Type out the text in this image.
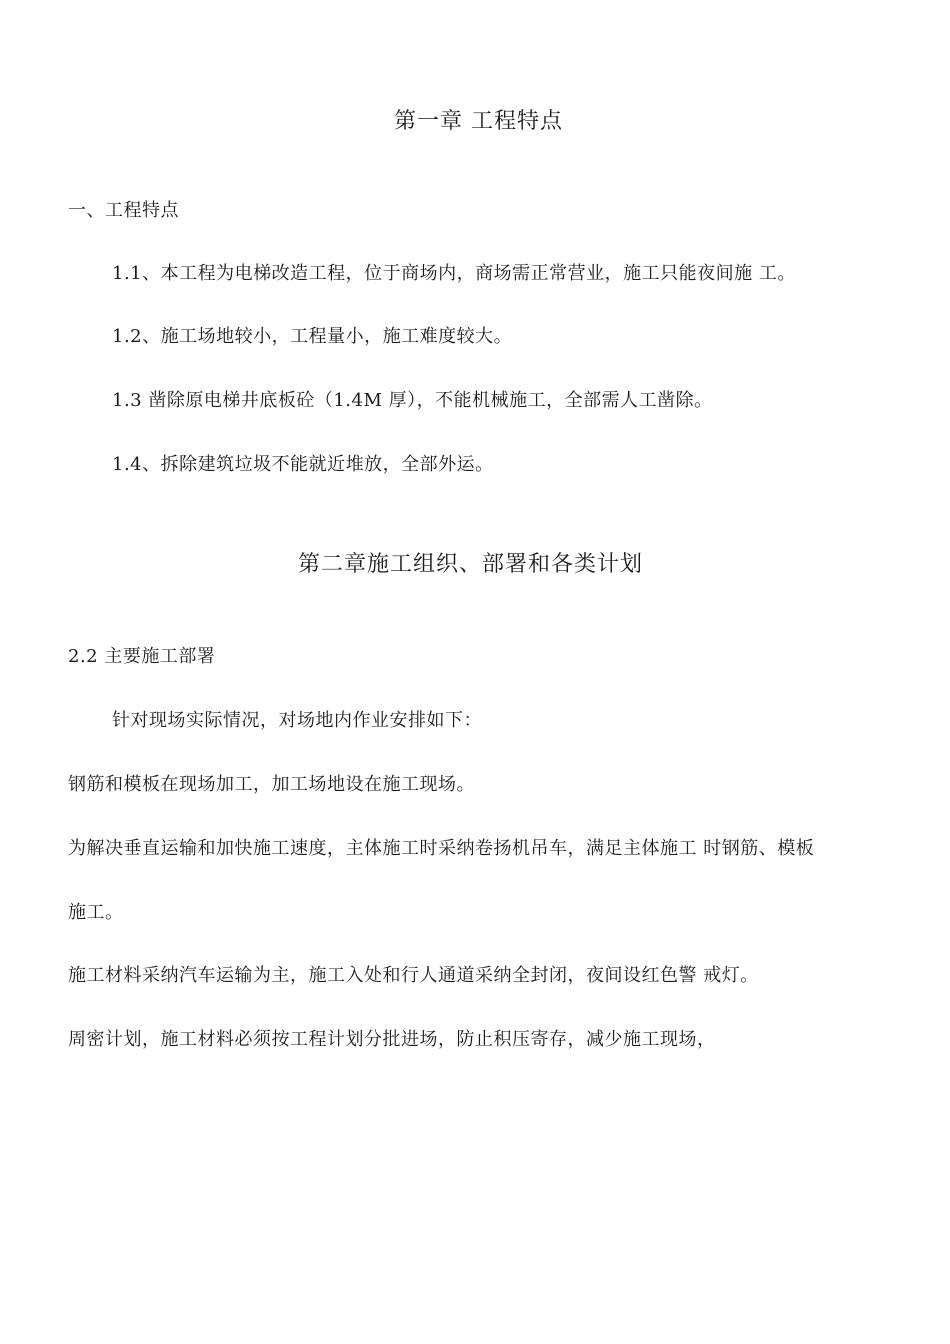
第一章 工程特点
一、工程特点
1.1、本工程为电梯改造工程，位于商场内，商场需正常营业，施工只能夜间施 工。
1.2、施工场地较小，工程量小，施工难度较大。
1.3 凿除原电梯井底板砼（1.4M 厚），不能机械施工，全部需人工凿除。
1.4、拆除建筑垃圾不能就近堆放，全部外运。
第二章施工组织、部署和各类计划
2.2 主要施工部署
针对现场实际情况，对场地内作业安排如下：
钢筋和模板在现场加工，加工场地设在施工现场。
为解决垂直运输和加快施工速度，主体施工时采纳卷扬机吊车，满足主体施工 时钢筋、模板
施工。
施工材料采纳汽车运输为主，施工入处和行人通道采纳全封闭，夜间设红色警 戒灯。
周密计划，施工材料必须按工程计划分批进场，防止积压寄存，减少施工现场，
